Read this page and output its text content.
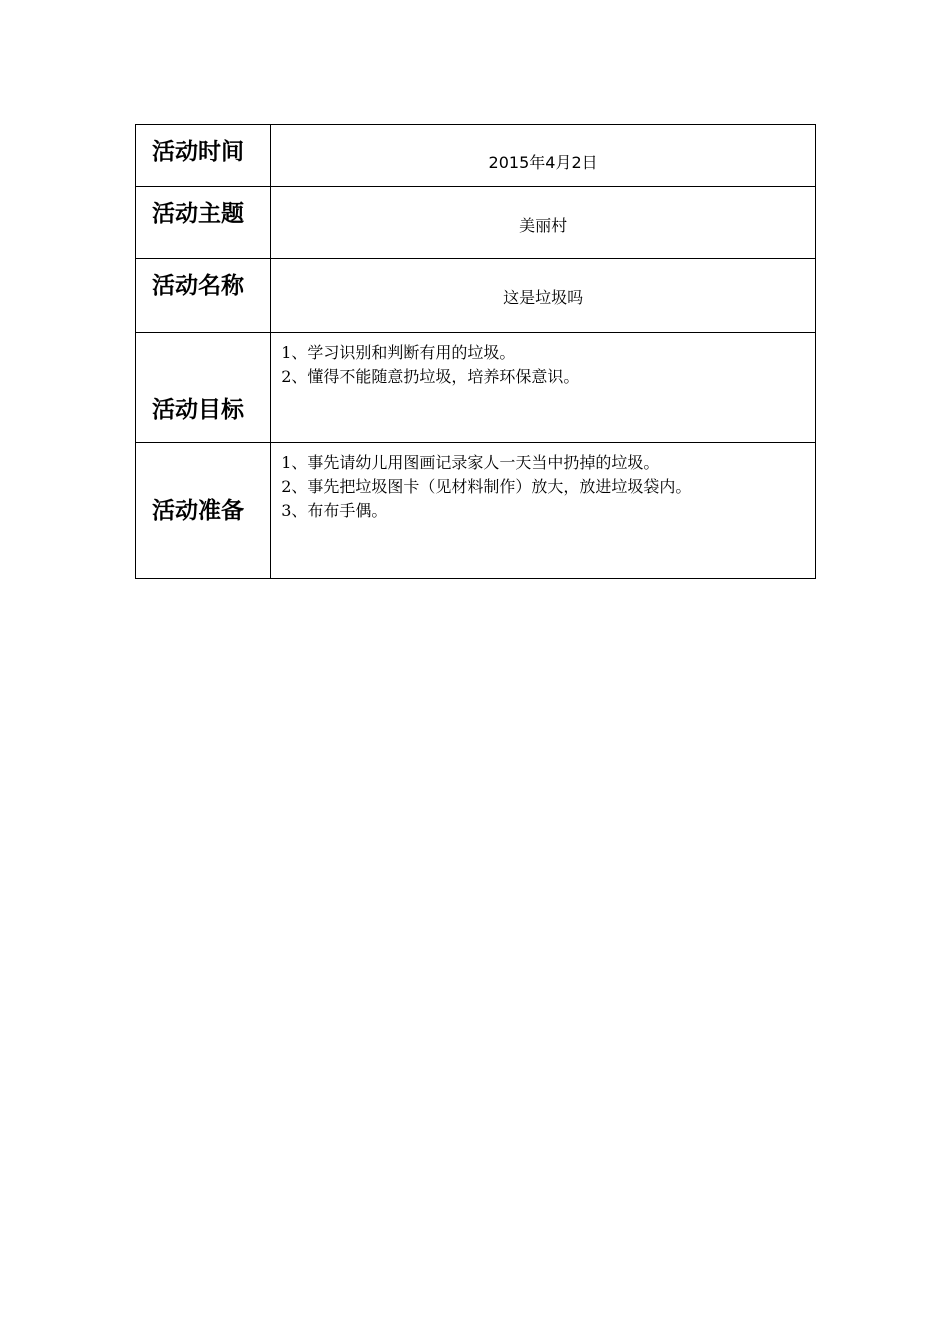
活动时间	2015年4月2日
活动主题	美丽村
活动名称	这是垃圾吗
活动目标	1、学习识别和判断有用的垃圾。
2、懂得不能随意扔垃圾，培养环保意识。

活动准备	1、事先请幼儿用图画记录家人一天当中扔掉的垃圾。
2、事先把垃圾图卡（见材料制作）放大，放进垃圾袋内。
3、布布手偶。
